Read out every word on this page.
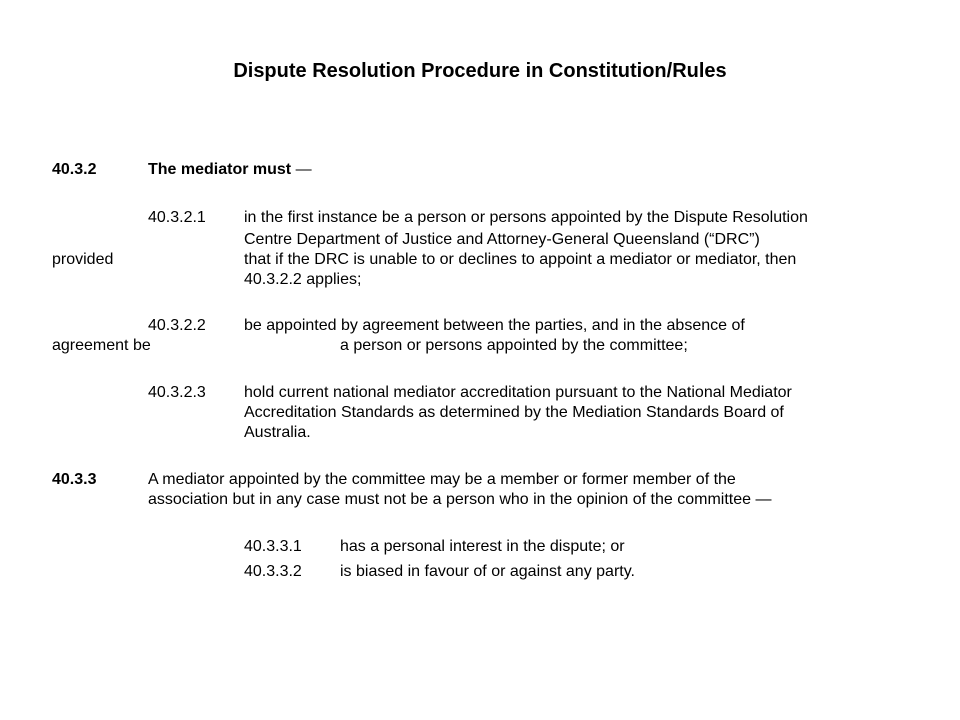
Dispute Resolution Procedure in Constitution/Rules
40.3.2	The mediator must —
40.3.2.1 in the first instance be a person or persons appointed by the Dispute Resolution
Centre Department of Justice and Attorney-General Queensland (“DRC”)
provided	that if the DRC is unable to or declines to appoint a mediator or mediator, then
40.3.2.2 applies;
40.3.2.2 be appointed by agreement between the parties, and in the absence of
agreement be	a person or persons appointed by the committee;
40.3.2.3 hold current national mediator accreditation pursuant to the National Mediator
Accreditation Standards as determined by the Mediation Standards Board of
Australia.
40.3.3	A mediator appointed by the committee may be a member or former member of the
association but in any case must not be a person who in the opinion of the committee —
40.3.3.1 has a personal interest in the dispute; or
40.3.3.2 is biased in favour of or against any party.
